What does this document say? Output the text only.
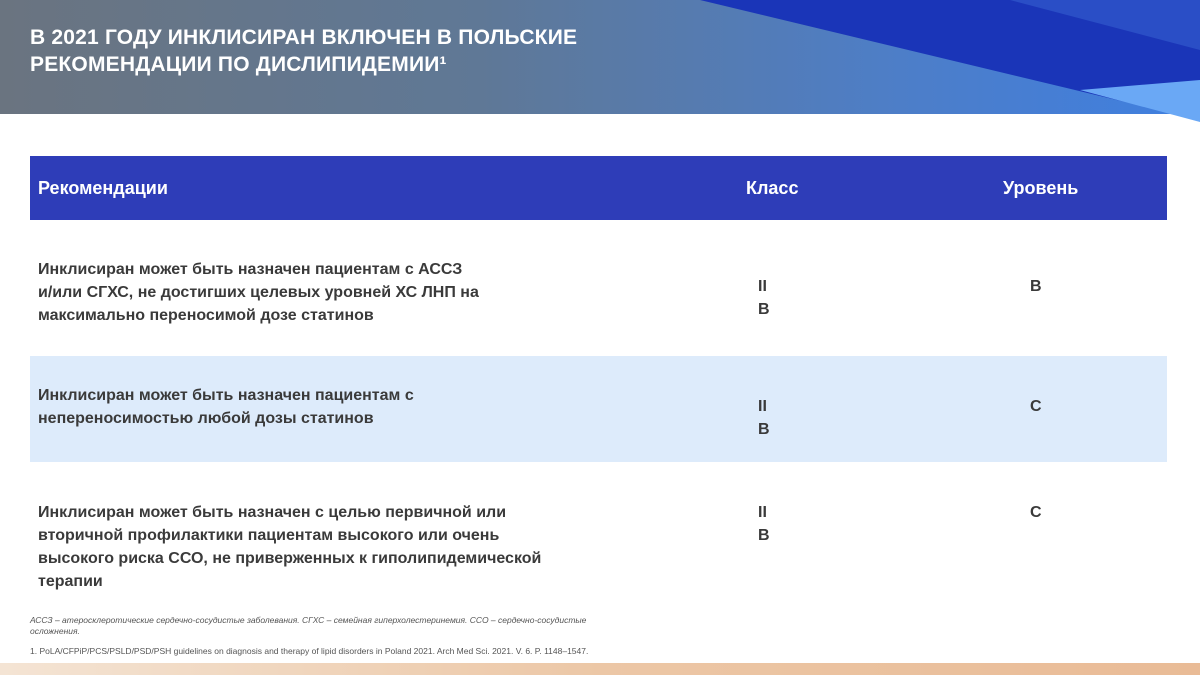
В 2021 ГОДУ ИНКЛИСИРАН ВКЛЮЧЕН В ПОЛЬСКИЕ
РЕКОМЕНДАЦИИ ПО ДИСЛИПИДЕМИИ¹
Рекомендации	Класс	Уровень
Инклисиран может быть назначен пациентам с АССЗ
и/или СГХС, не достигших целевых уровней ХС ЛНП на
максимально переносимой дозе статинов
II
B
B
Инклисиран может быть назначен пациентам с
непереносимостью любой дозы статинов
II
B
C
Инклисиран может быть назначен с целью первичной или
вторичной профилактики пациентам высокого или очень
высокого риска ССО, не приверженных к гиполипидемической
терапии
II
B
C
АССЗ – атеросклеротические сердечно-сосудистые заболевания. СГХС – семейная гиперхолестеринемия. ССО – сердечно-сосудистые
осложнения.
1. PoLA/CFPiP/PCS/PSLD/PSD/PSH guidelines on diagnosis and therapy of lipid disorders in Poland 2021. Arch Med Sci. 2021. V. 6. P. 1148–1547.
